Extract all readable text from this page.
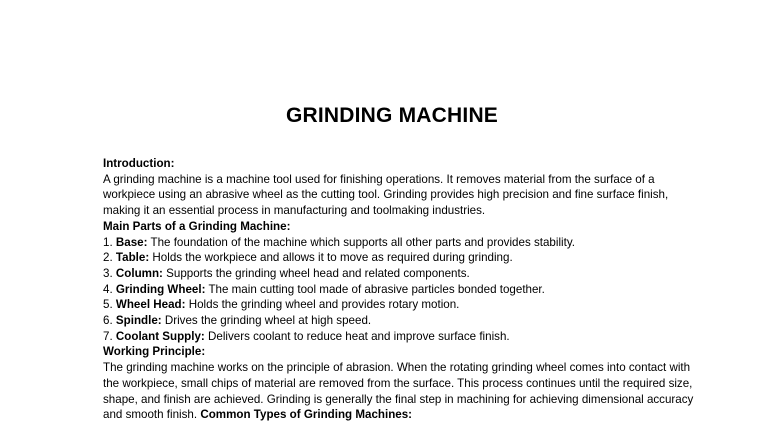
GRINDING MACHINE
Introduction:

A grinding machine is a machine tool used for finishing operations. It removes material from the surface of a workpiece using an abrasive wheel as the cutting tool. Grinding provides high precision and fine surface finish, making it an essential process in manufacturing and toolmaking industries.

Main Parts of a Grinding Machine:
1. Base: The foundation of the machine which supports all other parts and provides stability.
2. Table: Holds the workpiece and allows it to move as required during grinding.
3. Column: Supports the grinding wheel head and related components.
4. Grinding Wheel: The main cutting tool made of abrasive particles bonded together.
5. Wheel Head: Holds the grinding wheel and provides rotary motion.
6. Spindle: Drives the grinding wheel at high speed.
7. Coolant Supply: Delivers coolant to reduce heat and improve surface finish.
Working Principle:

The grinding machine works on the principle of abrasion. When the rotating grinding wheel comes into contact with the workpiece, small chips of material are removed from the surface. This process continues until the required size, shape, and finish are achieved. Grinding is generally the final step in machining for achieving dimensional accuracy and smooth finish. Common Types of Grinding Machines:
